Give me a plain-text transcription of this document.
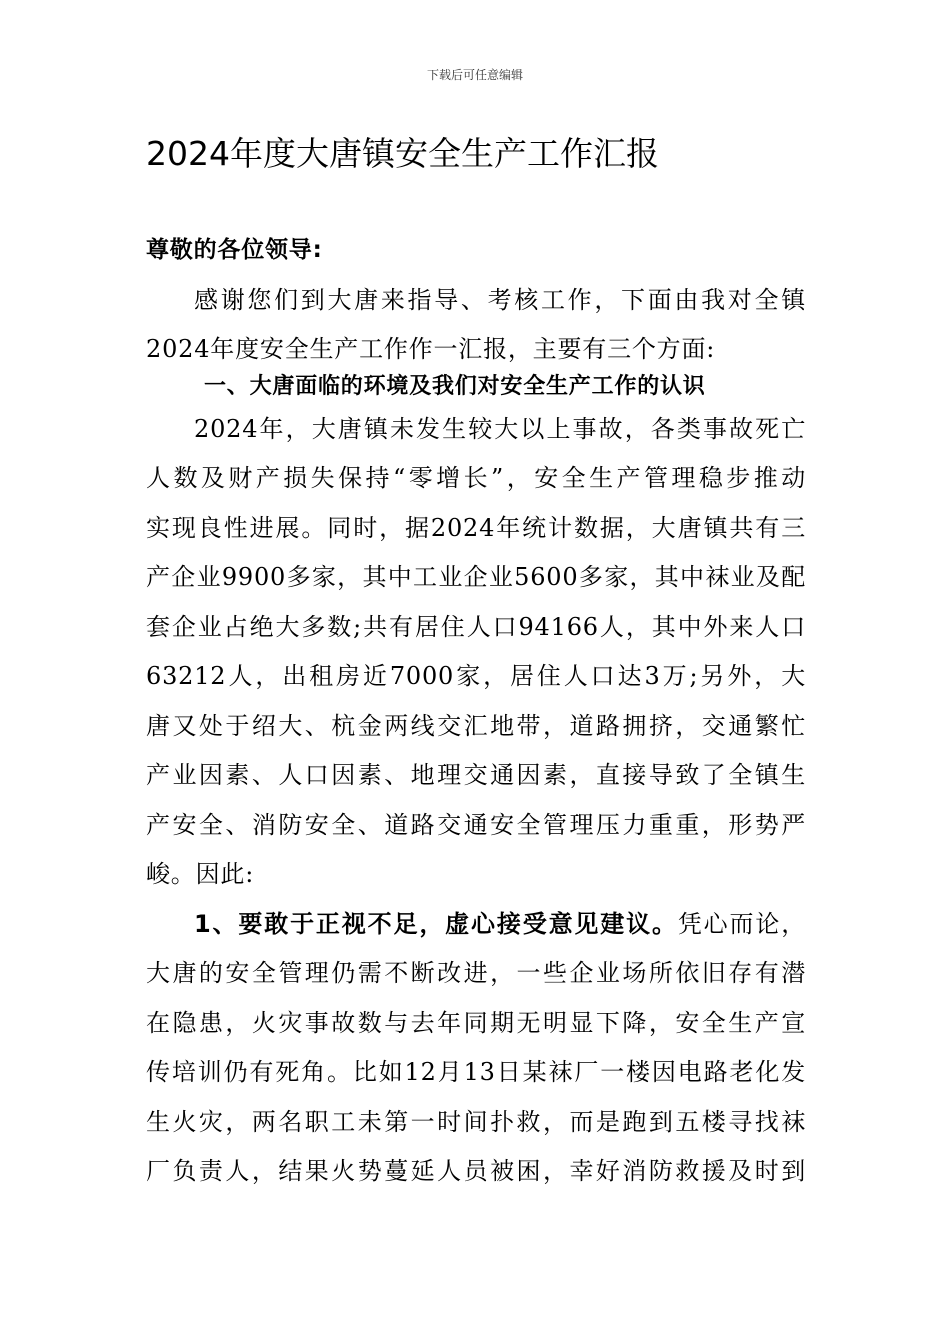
下载后可任意编辑
2024年度大唐镇安全生产工作汇报
尊敬的各位领导:
感谢您们到大唐来指导、考核工作，下面由我对全镇
2024年度安全生产工作作一汇报，主要有三个方面:
一、大唐面临的环境及我们对安全生产工作的认识
2024年，大唐镇未发生较大以上事故，各类事故死亡
人数及财产损失保持“零增长”，安全生产管理稳步推动
实现良性进展。同时，据2024年统计数据，大唐镇共有三
产企业9900多家，其中工业企业5600多家，其中袜业及配
套企业占绝大多数;共有居住人口94166人，其中外来人口
63212人，出租房近7000家，居住人口达3万;另外，大
唐又处于绍大、杭金两线交汇地带，道路拥挤，交通繁忙
产业因素、人口因素、地理交通因素，直接导致了全镇生
产安全、消防安全、道路交通安全管理压力重重，形势严
峻。因此:
1、要敢于正视不足，虚心接受意见建议。凭心而论，
大唐的安全管理仍需不断改进，一些企业场所依旧存有潜
在隐患，火灾事故数与去年同期无明显下降，安全生产宣
传培训仍有死角。比如12月13日某袜厂一楼因电路老化发
生火灾，两名职工未第一时间扑救，而是跑到五楼寻找袜
厂负责人，结果火势蔓延人员被困，幸好消防救援及时到
